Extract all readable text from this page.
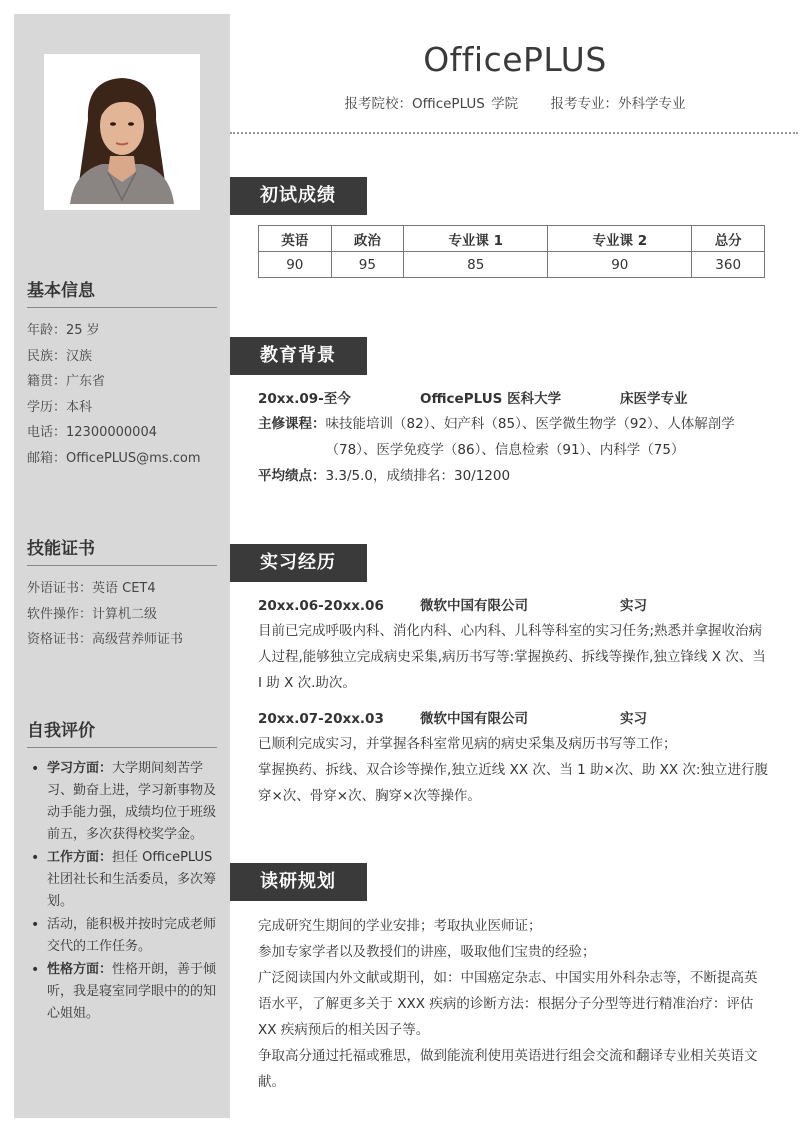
基本信息
年龄：25 岁
民族：汉族
籍贯：广东省
学历：本科
电话：12300000004
邮箱：OfficePLUS@ms.com
技能证书
外语证书：英语 CET4
软件操作：计算机二级
资格证书：高级营养师证书
自我评价
• 学习方面：大学期间刻苦学习、勤奋上进，学习新事物及动手能力强，成绩均位于班级前五，多次获得校奖学金。
• 工作方面：担任 OfficePLUS 社团社长和生活委员，多次筹划。
• 活动，能积极并按时完成老师交代的工作任务。
• 性格方面：性格开朗，善于倾听，我是寝室同学眼中的的知心姐姐。
OfficePLUS
报考院校：OfficePLUS 学院 报考专业：外科学专业
初试成绩
英语	政治	专业课 1	专业课 2	总分
90	95	85	90	360
教育背景
20xx.09-至今	OfficePLUS 医科大学	床医学专业
主修课程： 味技能培训（82）、妇产科（85）、医学微生物学（92）、人体解剖学（78）、医学免疫学（86）、信息检索（91）、内科学（75）
平均绩点： 3.3/5.0，成绩排名：30/1200
实习经历
20xx.06-20xx.06	微软中国有限公司	实习
目前已完成呼吸内科、消化内科、心内科、儿科等科室的实习任务;熟悉并拿握收治病人过程,能够独立完成病史采集,病历书写等:掌握换药、拆线等操作,独立锋线 X 次、当 I 助 X 次.助次。
20xx.07-20xx.03	微软中国有限公司	实习
已顺利完成实习，并掌握各科室常见病的病史采集及病历书写等工作；
掌握换药、拆线、双合诊等操作,独立近线 XX 次、当 1 助×次、助 XX 次:独立进行腹穿×次、骨穿×次、胸穿×次等操作。
读研规划

完成研究生期间的学业安排；考取执业医师证；

参加专家学者以及教授们的讲座，吸取他们宝贵的经验；

广泛阅读国内外文献或期刊，如：中国癌定杂志、中国实用外科杂志等，不断提高英语水平，了解更多关于 XXX 疾病的诊断方法：根据分子分型等进行精准治疗：评估 XX 疾病预后的相关因子等。

争取高分通过托福或雅思，做到能流利使用英语进行组会交流和翻译专业相关英语文献。
